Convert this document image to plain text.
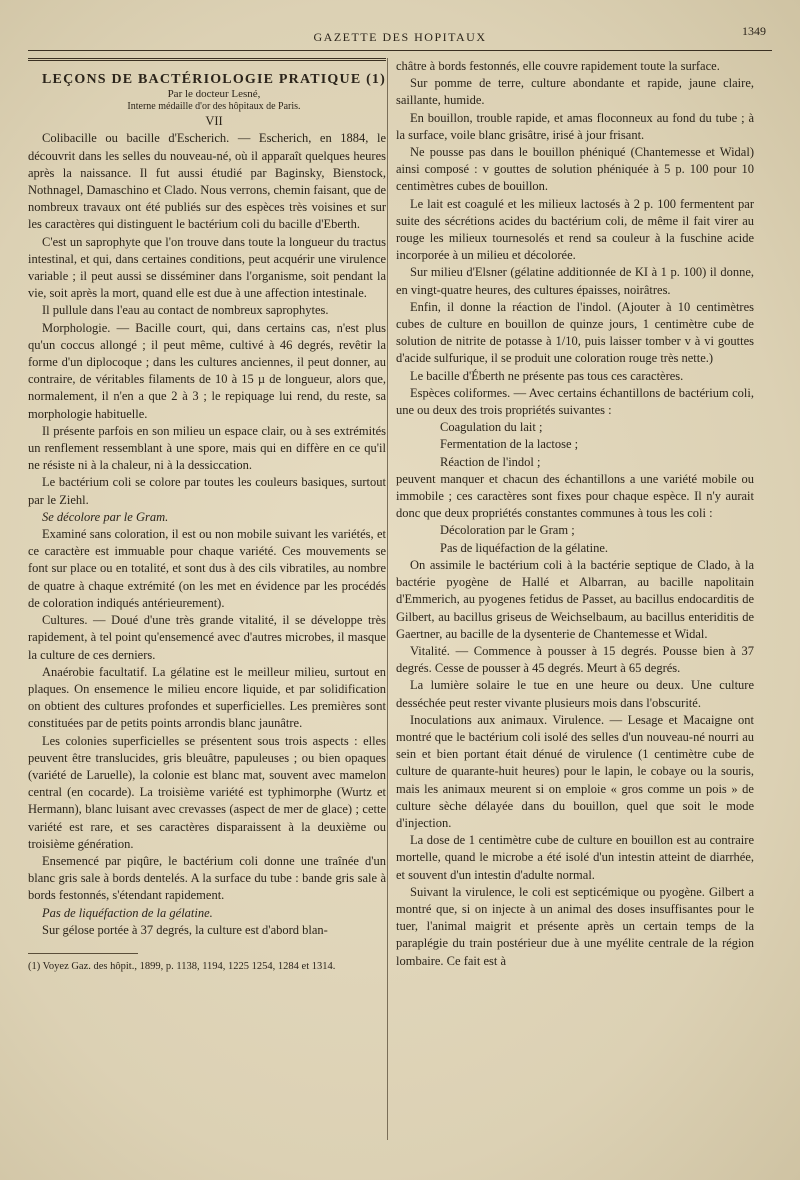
GAZETTE DES HOPITAUX	1349

LEÇONS DE BACTÉRIOLOGIE PRATIQUE (1)

Par le docteur Lesné,

Interne médaille d'or des hôpitaux de Paris.

VII

Colibacille ou bacille d'Escherich. — Escherich, en 1884, le découvrit dans les selles du nouveau-né, où il apparaît quelques heures après la naissance. Il fut aussi étudié par Baginsky, Bienstock, Nothnagel, Damaschino et Clado. Nous verrons, chemin faisant, que de nombreux travaux ont été publiés sur des espèces très voisines et sur les caractères qui distinguent le bactérium coli du bacille d'Eberth.

C'est un saprophyte que l'on trouve dans toute la longueur du tractus intestinal, et qui, dans certaines conditions, peut acquérir une virulence variable ; il peut aussi se disséminer dans l'organisme, soit pendant la vie, soit après la mort, quand elle est due à une affection intestinale.

Il pullule dans l'eau au contact de nombreux saprophytes.

Morphologie. — Bacille court, qui, dans certains cas, n'est plus qu'un coccus allongé ; il peut même, cultivé à 46 degrés, revêtir la forme d'un diplocoque ; dans les cultures anciennes, il peut donner, au contraire, de véritables filaments de 10 à 15 µ de longueur, alors que, normalement, il n'en a que 2 à 3 ; le repiquage lui rend, du reste, sa morphologie habituelle.

Il présente parfois en son milieu un espace clair, ou à ses extrémités un renflement ressemblant à une spore, mais qui en diffère en ce qu'il ne résiste ni à la chaleur, ni à la dessiccation.

Le bactérium coli se colore par toutes les couleurs basiques, surtout par le Ziehl.

Se décolore par le Gram.

Examiné sans coloration, il est ou non mobile suivant les variétés, et ce caractère est immuable pour chaque variété. Ces mouvements se font sur place ou en totalité, et sont dus à des cils vibratiles, au nombre de quatre à chaque extrémité (on les met en évidence par les procédés de coloration indiqués antérieurement).

Cultures. — Doué d'une très grande vitalité, il se développe très rapidement, à tel point qu'ensemencé avec d'autres microbes, il masque la culture de ces derniers.

Anaérobie facultatif. La gélatine est le meilleur milieu, surtout en plaques. On ensemence le milieu encore liquide, et par solidification on obtient des cultures profondes et superficielles. Les premières sont constituées par de petits points arrondis blanc jaunâtre.

Les colonies superficielles se présentent sous trois aspects : elles peuvent être translucides, gris bleuâtre, papuleuses ; ou bien opaques (variété de Laruelle), la colonie est blanc mat, souvent avec mamelon central (en cocarde). La troisième variété est typhimorphe (Wurtz et Hermann), blanc luisant avec crevasses (aspect de mer de glace) ; cette variété est rare, et ses caractères disparaissent à la deuxième ou troisième génération.

Ensemencé par piqûre, le bactérium coli donne une traînée d'un blanc gris sale à bords dentelés. A la surface du tube : bande gris sale à bords festonnés, s'étendant rapidement.

Pas de liquéfaction de la gélatine.

Sur gélose portée à 37 degrés, la culture est d'abord blan-

(1) Voyez Gaz. des hôpit., 1899, p. 1138, 1194, 1225 1254, 1284 et 1314.

châtre à bords festonnés, elle couvre rapidement toute la surface.

Sur pomme de terre, culture abondante et rapide, jaune claire, saillante, humide.

En bouillon, trouble rapide, et amas floconneux au fond du tube ; à la surface, voile blanc grisâtre, irisé à jour frisant.

Ne pousse pas dans le bouillon phéniqué (Chantemesse et Widal) ainsi composé : v gouttes de solution phéniquée à 5 p. 100 pour 10 centimètres cubes de bouillon.

Le lait est coagulé et les milieux lactosés à 2 p. 100 fermentent par suite des sécrétions acides du bactérium coli, de même il fait virer au rouge les milieux tournesolés et rend sa couleur à la fuschine acide incorporée à un milieu et décolorée.

Sur milieu d'Elsner (gélatine additionnée de KI à 1 p. 100) il donne, en vingt-quatre heures, des cultures épaisses, noirâtres.

Enfin, il donne la réaction de l'indol. (Ajouter à 10 centimètres cubes de culture en bouillon de quinze jours, 1 centimètre cube de solution de nitrite de potasse à 1/10, puis laisser tomber v à vi gouttes d'acide sulfurique, il se produit une coloration rouge très nette.)

Le bacille d'Éberth ne présente pas tous ces caractères.

Espèces coliformes. — Avec certains échantillons de bactérium coli, une ou deux des trois propriétés suivantes :

Coagulation du lait ;

Fermentation de la lactose ;

Réaction de l'indol ;

peuvent manquer et chacun des échantillons a une variété mobile ou immobile ; ces caractères sont fixes pour chaque espèce. Il n'y aurait donc que deux propriétés constantes communes à tous les coli :

Décoloration par le Gram ;

Pas de liquéfaction de la gélatine.

On assimile le bactérium coli à la bactérie septique de Clado, à la bactérie pyogène de Hallé et Albarran, au bacille napolitain d'Emmerich, au pyogenes fetidus de Passet, au bacillus endocarditis de Gilbert, au bacillus griseus de Weichselbaum, au bacillus enteriditis de Gaertner, au bacille de la dysenterie de Chantemesse et Widal.

Vitalité. — Commence à pousser à 15 degrés. Pousse bien à 37 degrés. Cesse de pousser à 45 degrés. Meurt à 65 degrés.

La lumière solaire le tue en une heure ou deux. Une culture desséchée peut rester vivante plusieurs mois dans l'obscurité.

Inoculations aux animaux. Virulence. — Lesage et Macaigne ont montré que le bactérium coli isolé des selles d'un nouveau-né nourri au sein et bien portant était dénué de virulence (1 centimètre cube de culture de quarante-huit heures) pour le lapin, le cobaye ou la souris, mais les animaux meurent si on emploie « gros comme un pois » de culture sèche délayée dans du bouillon, quel que soit le mode d'injection.

La dose de 1 centimètre cube de culture en bouillon est au contraire mortelle, quand le microbe a été isolé d'un intestin atteint de diarrhée, et souvent d'un intestin d'adulte normal.

Suivant la virulence, le coli est septicémique ou pyogène. Gilbert a montré que, si on injecte à un animal des doses insuffisantes pour le tuer, l'animal maigrit et présente après un certain temps de la paraplégie du train postérieur due à une myélite centrale de la région lombaire. Ce fait est à
